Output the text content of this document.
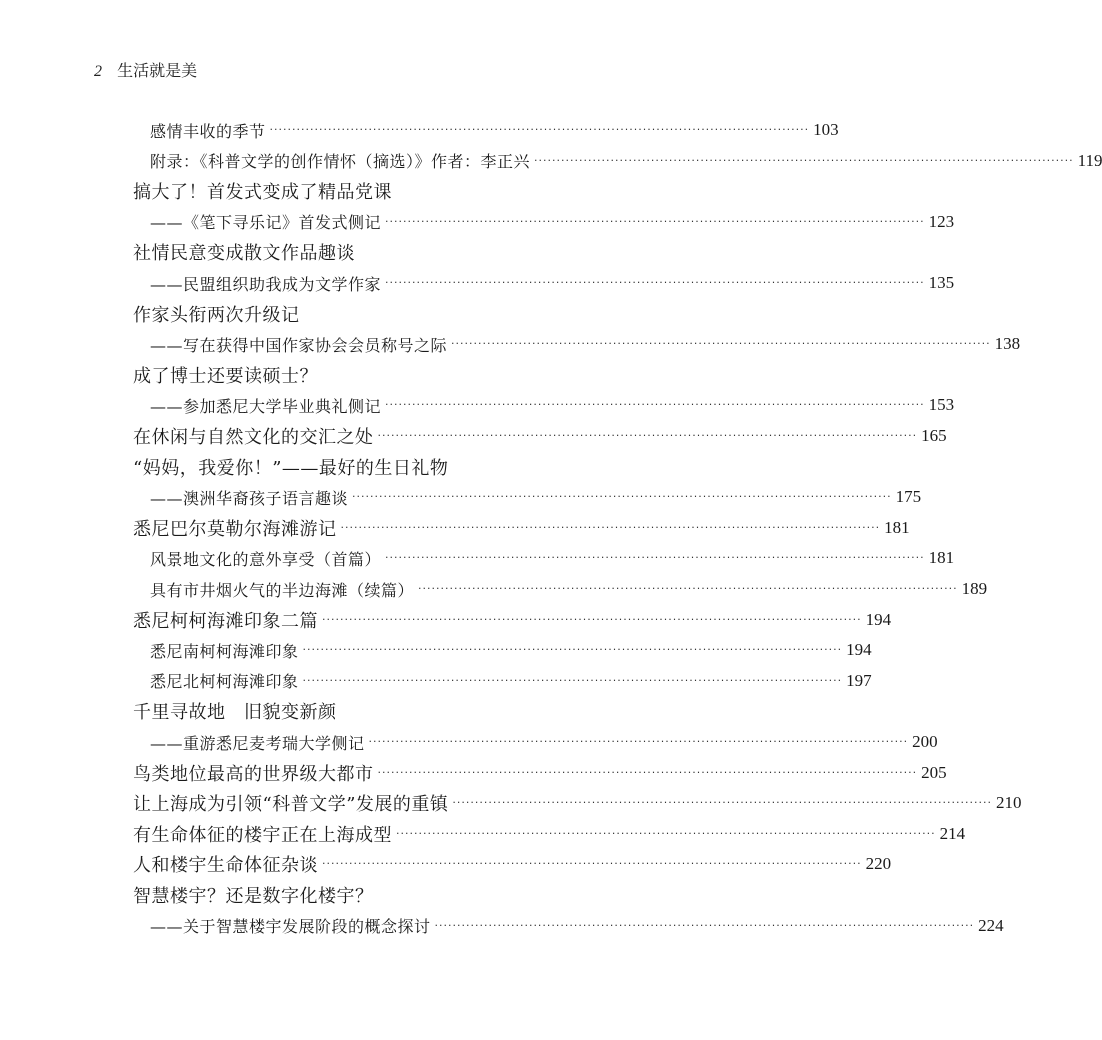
2 生活就是美
感情丰收的季节 ························································································································ 103
附录：《科普文学的创作情怀（摘选）》作者：李正兴 ························································································································ 119
搞大了！首发式变成了精品党课
——《笔下寻乐记》首发式侧记 ························································································································ 123
社情民意变成散文作品趣谈
——民盟组织助我成为文学作家 ························································································································ 135
作家头衔两次升级记
——写在获得中国作家协会会员称号之际 ························································································································ 138
成了博士还要读硕士？
——参加悉尼大学毕业典礼侧记 ························································································································ 153
在休闲与自然文化的交汇之处 ························································································································ 165
“妈妈，我爱你！”——最好的生日礼物
——澳洲华裔孩子语言趣谈 ························································································································ 175
悉尼巴尔莫勒尔海滩游记 ························································································································ 181
风景地文化的意外享受（首篇） ························································································································ 181
具有市井烟火气的半边海滩（续篇） ························································································································ 189
悉尼柯柯海滩印象二篇 ························································································································ 194
悉尼南柯柯海滩印象 ························································································································ 194
悉尼北柯柯海滩印象 ························································································································ 197
千里寻故地　旧貌变新颜
——重游悉尼麦考瑞大学侧记 ························································································································ 200
鸟类地位最高的世界级大都市 ························································································································ 205
让上海成为引领“科普文学”发展的重镇 ························································································································ 210
有生命体征的楼宇正在上海成型 ························································································································ 214
人和楼宇生命体征杂谈 ························································································································ 220
智慧楼宇？还是数字化楼宇？
——关于智慧楼宇发展阶段的概念探讨 ························································································································ 224
